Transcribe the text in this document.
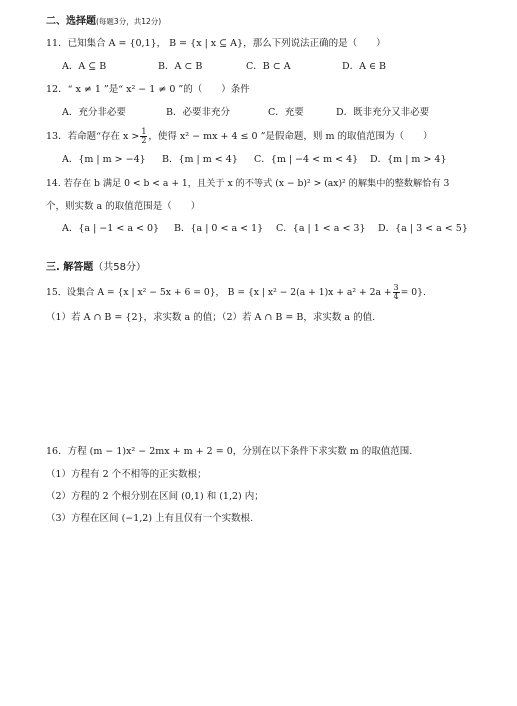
二、选择题(每题3分，共12分)
11．已知集合 A = {0,1}， B = {x | x ⊆ A}，那么下列说法正确的是（　　）
A．A ⊆ B	B．A ⊂ B	C．B ⊂ A	D．A ∈ B
12．“ x ≠ 1 ”是“ x² − 1 ≠ 0 ”的（　　）条件
A．充分非必要	B．必要非充分	C．充要	D．既非充分又非必要
13．若命题“存在 $x > \frac{1}{2}$ ，使得 x² − mx + 4 ≤ 0 ”是假命题，则 m 的取值范围为（　　）
A．{m | m > −4} B．{m | m < 4} C．{m | −4 < m < 4} D．{m | m > 4}
14. 若存在 b 满足 0 < b < a + 1，且关于 x 的不等式 (x − b)² > (ax)² 的解集中的整数解恰有 3
个，则实数 a 的取值范围是（　　）
A．{a | −1 < a < 0} B．{a | 0 < a < 1} C．{a | 1 < a < 3} D．{a | 3 < a < 5}
三. 解答题（共58分）
15．设集合 A = {x | x² − 5x + 6 = 0}， B = {x | $x^2 - 2(a + 1)x + a^2 + 2a + \frac{3}{4} = 0$}.
（1）若 A ∩ B = {2}，求实数 a 的值；（2）若 A ∩ B = B，求实数 a 的值.
16．方程 (m − 1)x² − 2mx + m + 2 = 0，分别在以下条件下求实数 m 的取值范围.
（1）方程有 2 个不相等的正实数根；
（2）方程的 2 个根分别在区间 (0,1) 和 (1,2) 内；
（3）方程在区间 (−1,2) 上有且仅有一个实数根.
